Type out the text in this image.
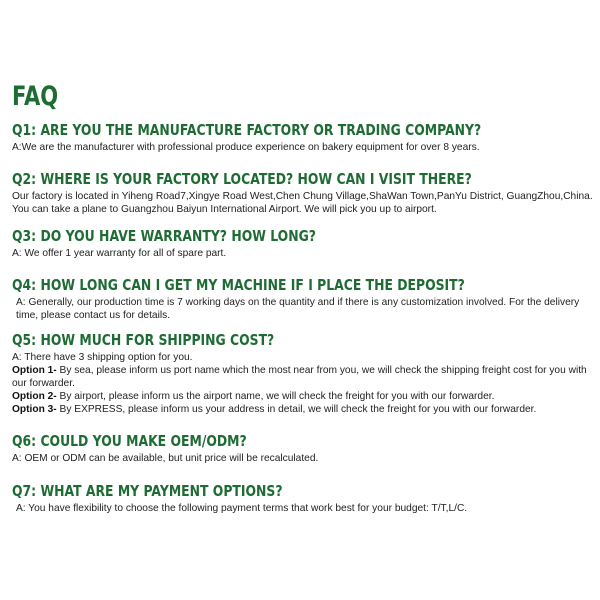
FAQ
Q1: ARE YOU THE MANUFACTURE FACTORY OR TRADING COMPANY?

A:We are the manufacturer with professional produce experience on bakery equipment for over 8 years.

Q2: WHERE IS YOUR FACTORY LOCATED? HOW CAN I VISIT THERE?

Our factory is located in Yiheng Road7,Xingye Road West,Chen Chung Village,ShaWan Town,PanYu District, GuangZhou,China. You can take a plane to Guangzhou Baiyun International Airport. We will pick you up to airport.

Q3: DO YOU HAVE WARRANTY? HOW LONG?

A: We offer 1 year warranty for all of spare part.

Q4: HOW LONG CAN I GET MY MACHINE IF I PLACE THE DEPOSIT?

A: Generally, our production time is 7 working days on the quantity and if there is any customization involved. For the delivery time, please contact us for details.

Q5: HOW MUCH FOR SHIPPING COST?

A: There have 3 shipping option for you.

Option 1- By sea, please inform us port name which the most near from you, we will check the shipping freight cost for you with our forwarder.

Option 2- By airport, please inform us the airport name, we will check the freight for you with our forwarder.

Option 3- By EXPRESS, please inform us your address in detail, we will check the freight for you with our forwarder.

Q6: COULD YOU MAKE OEM/ODM?

A: OEM or ODM can be available, but unit price will be recalculated.

Q7: WHAT ARE MY PAYMENT OPTIONS?

A: You have flexibility to choose the following payment terms that work best for your budget: T/T,L/C.
